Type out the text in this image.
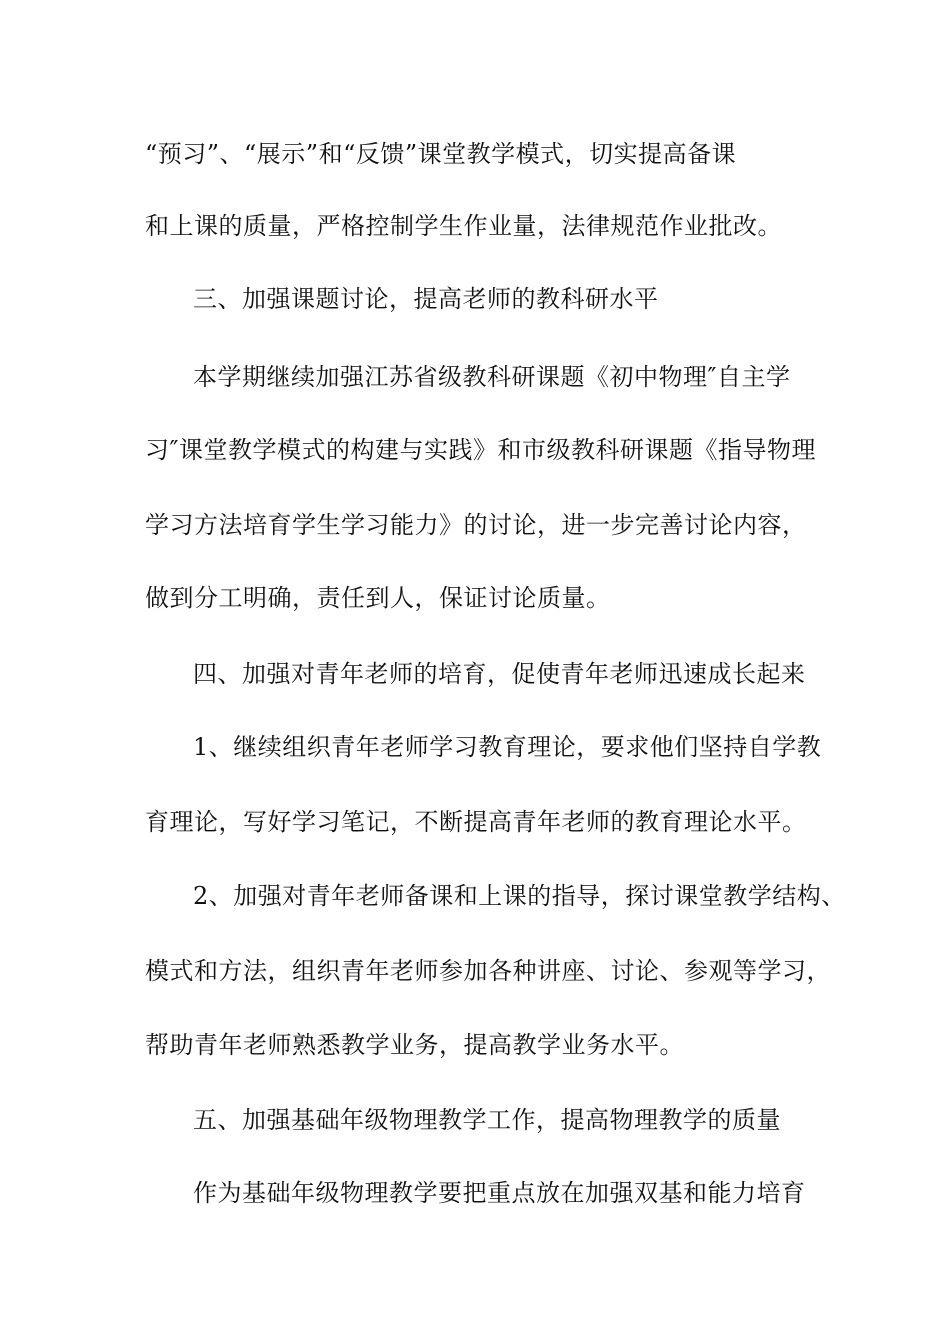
“预习”、“展示”和“反馈”课堂教学模式，切实提高备课
和上课的质量，严格控制学生作业量，法律规范作业批改。
三、加强课题讨论，提高老师的教科研水平
本学期继续加强江苏省级教科研课题《初中物理″自主学
习″课堂教学模式的构建与实践》和市级教科研课题《指导物理
学习方法培育学生学习能力》的讨论，进一步完善讨论内容，
做到分工明确，责任到人，保证讨论质量。
四、加强对青年老师的培育，促使青年老师迅速成长起来
1、继续组织青年老师学习教育理论，要求他们坚持自学教
育理论，写好学习笔记，不断提高青年老师的教育理论水平。
2、加强对青年老师备课和上课的指导，探讨课堂教学结构、
模式和方法，组织青年老师参加各种讲座、讨论、参观等学习，
帮助青年老师熟悉教学业务，提高教学业务水平。
五、加强基础年级物理教学工作，提高物理教学的质量
作为基础年级物理教学要把重点放在加强双基和能力培育
